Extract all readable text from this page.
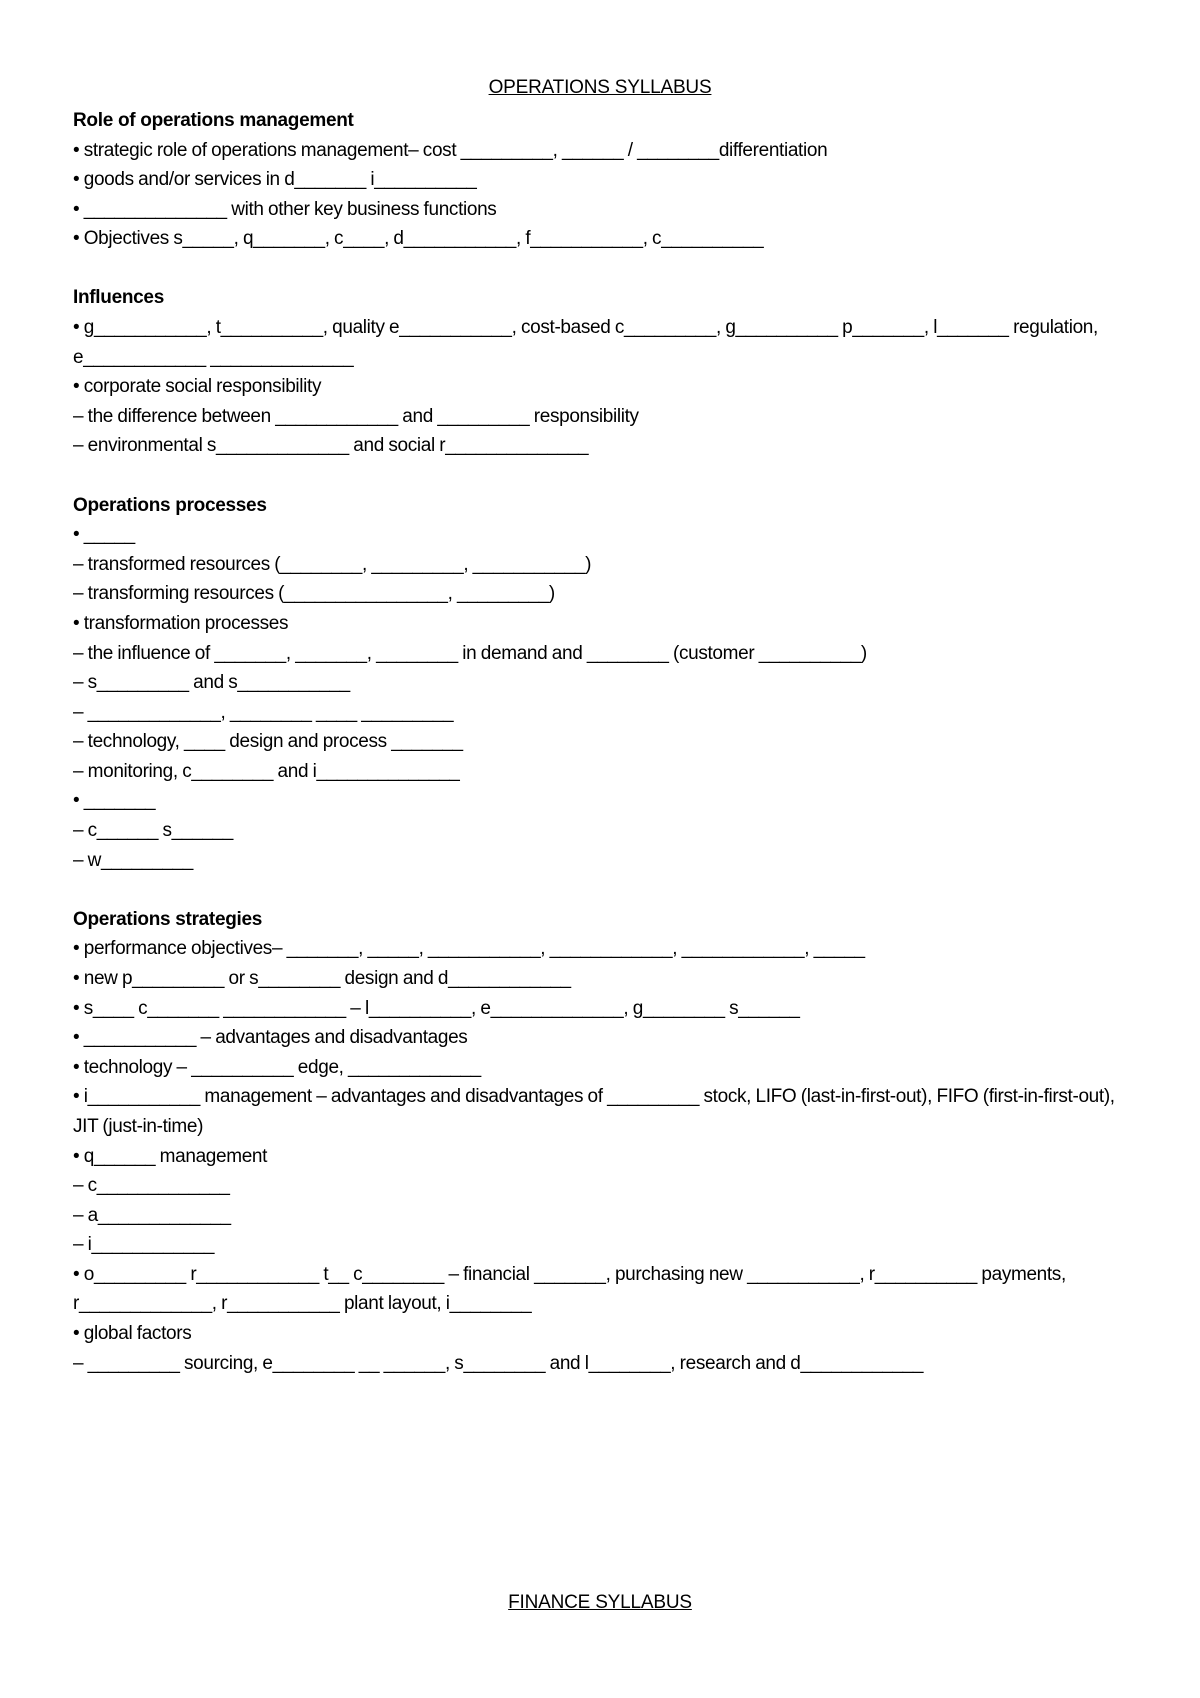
OPERATIONS SYLLABUS
Role of operations management
• strategic role of operations management– cost _________, ______ / ________differentiation
• goods and/or services in d_______ i__________
• ______________ with other key business functions
• Objectives s_____, q_______, c____, d___________, f___________, c__________
Influences
• g___________, t__________, quality e___________, cost-based c_________, g__________ p_______, l_______ regulation, e____________ ______________
• corporate social responsibility
– the difference between ____________ and _________ responsibility
– environmental s_____________ and social r______________
Operations processes
• _____
– transformed resources (________, _________, ___________)
– transforming resources (________________, _________)
• transformation processes
– the influence of _______, _______, ________ in demand and ________ (customer __________)
– s_________ and s___________
– _____________, ________ ____ _________
– technology, ____ design and process _______
– monitoring, c________ and i______________
• _______
– c______ s______
– w_________
Operations strategies
• performance objectives– _______, _____, ___________, ____________, ____________, _____
• new p_________ or s________ design and d____________
• s____ c_______ ____________ – l__________, e_____________, g________ s______
• ___________ – advantages and disadvantages
• technology – __________ edge, _____________
• i___________ management – advantages and disadvantages of _________ stock, LIFO (last-in-first-out), FIFO (first-in-first-out), JIT (just-in-time)
• q______ management
– c_____________
– a_____________
– i____________
• o_________ r____________ t__ c________ – financial _______, purchasing new ___________, r__________ payments, r_____________, r___________ plant layout, i________
• global factors
– _________ sourcing, e________ __ ______, s________ and l________, research and d____________
FINANCE SYLLABUS
